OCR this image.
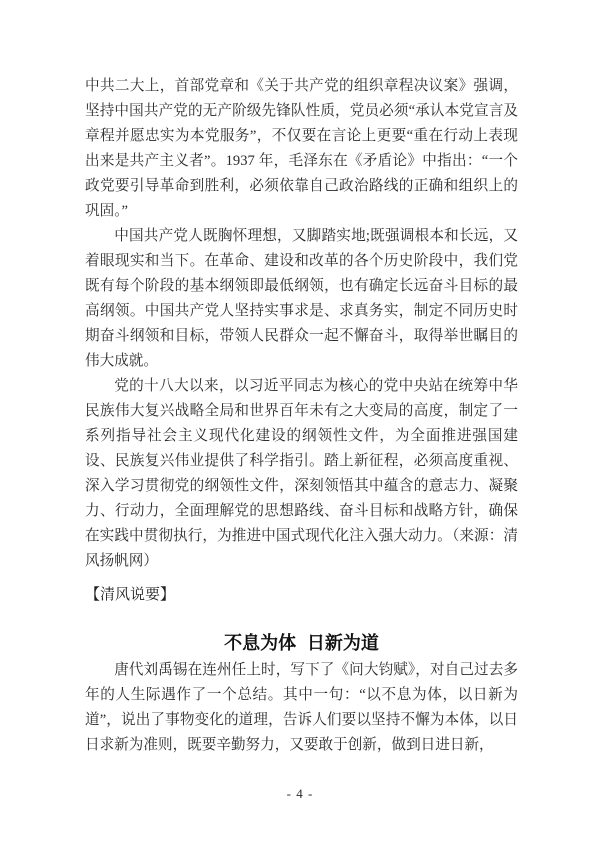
中共二大上，首部党章和《关于共产党的组织章程决议案》强调，坚持中国共产党的无产阶级先锋队性质，党员必须“承认本党宣言及章程并愿忠实为本党服务”，不仅要在言论上更要“重在行动上表现出来是共产主义者”。1937 年，毛泽东在《矛盾论》中指出：“一个政党要引导革命到胜利，必须依靠自己政治路线的正确和组织上的巩固。”

中国共产党人既胸怀理想，又脚踏实地;既强调根本和长远，又着眼现实和当下。在革命、建设和改革的各个历史阶段中，我们党既有每个阶段的基本纲领即最低纲领，也有确定长远奋斗目标的最高纲领。中国共产党人坚持实事求是、求真务实，制定不同历史时期奋斗纲领和目标，带领人民群众一起不懈奋斗，取得举世瞩目的伟大成就。

党的十八大以来，以习近平同志为核心的党中央站在统筹中华民族伟大复兴战略全局和世界百年未有之大变局的高度，制定了一系列指导社会主义现代化建设的纲领性文件，为全面推进强国建设、民族复兴伟业提供了科学指引。踏上新征程，必须高度重视、深入学习贯彻党的纲领性文件，深刻领悟其中蕴含的意志力、凝聚力、行动力，全面理解党的思想路线、奋斗目标和战略方针，确保在实践中贯彻执行，为推进中国式现代化注入强大动力。（来源：清风扬帆网）

【清风说要】
不息为体 日新为道

唐代刘禹锡在连州任上时，写下了《问大钧赋》，对自己过去多年的人生际遇作了一个总结。其中一句：“以不息为体，以日新为道”，说出了事物变化的道理，告诉人们要以坚持不懈为本体，以日日求新为准则，既要辛勤努力，又要敢于创新，做到日进日新，

- 4 -
